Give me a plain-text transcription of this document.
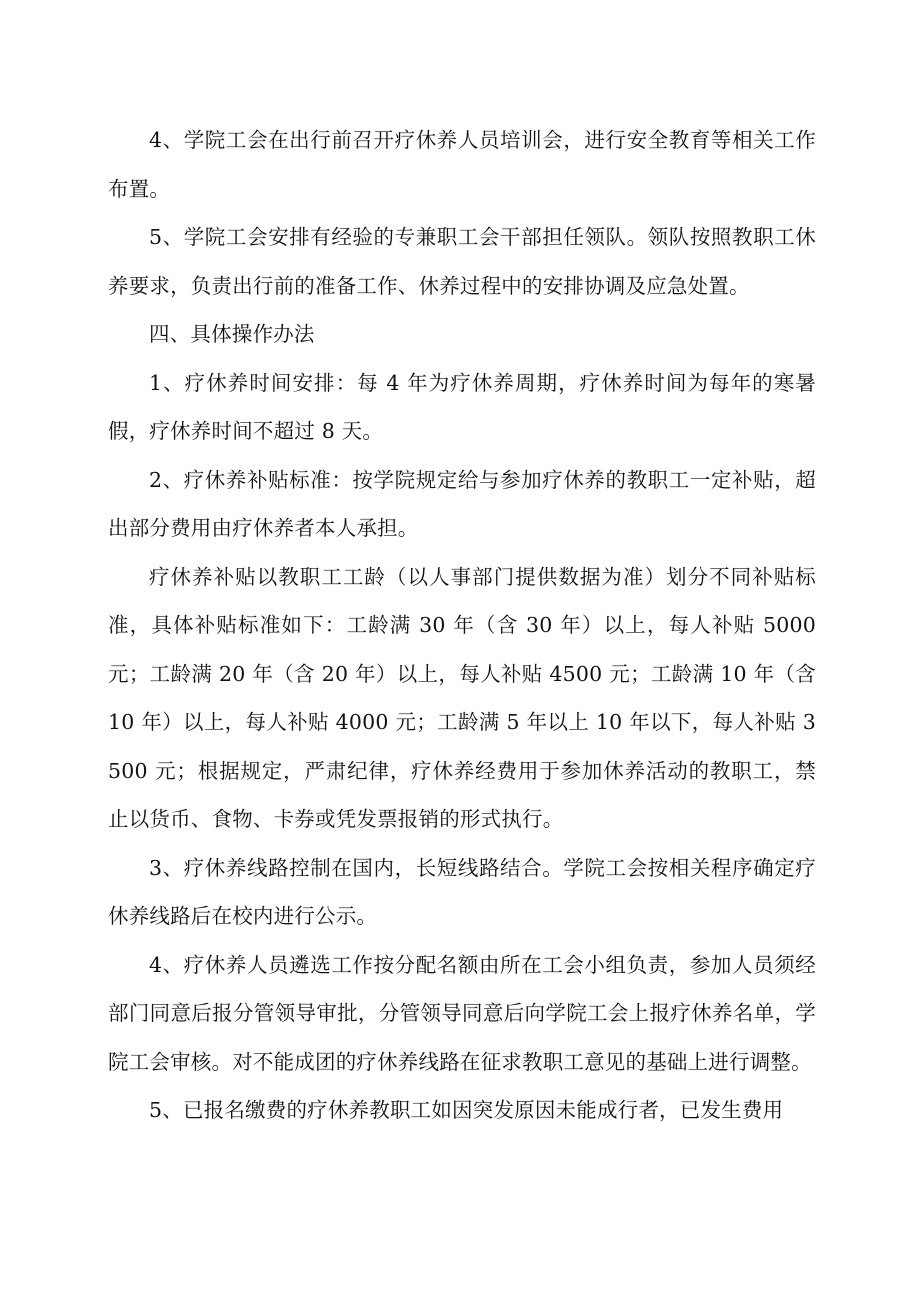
4、学院工会在出行前召开疗休养人员培训会，进行安全教育等相关工作布置。

5、学院工会安排有经验的专兼职工会干部担任领队。领队按照教职工休养要求，负责出行前的准备工作、休养过程中的安排协调及应急处置。

四、具体操作办法

1、疗休养时间安排：每 4 年为疗休养周期，疗休养时间为每年的寒暑假，疗休养时间不超过 8 天。

2、疗休养补贴标准：按学院规定给与参加疗休养的教职工一定补贴，超出部分费用由疗休养者本人承担。

疗休养补贴以教职工工龄（以人事部门提供数据为准）划分不同补贴标准，具体补贴标准如下：工龄满 30 年（含 30 年）以上，每人补贴 5000 元；工龄满 20 年（含 20 年）以上，每人补贴 4500 元；工龄满 10 年（含 10 年）以上，每人补贴 4000 元；工龄满 5 年以上 10 年以下，每人补贴 3500 元；根据规定，严肃纪律，疗休养经费用于参加休养活动的教职工，禁止以货币、食物、卡券或凭发票报销的形式执行。

3、疗休养线路控制在国内，长短线路结合。学院工会按相关程序确定疗休养线路后在校内进行公示。

4、疗休养人员遴选工作按分配名额由所在工会小组负责，参加人员须经部门同意后报分管领导审批，分管领导同意后向学院工会上报疗休养名单，学院工会审核。对不能成团的疗休养线路在征求教职工意见的基础上进行调整。

5、已报名缴费的疗休养教职工如因突发原因未能成行者，已发生费用
